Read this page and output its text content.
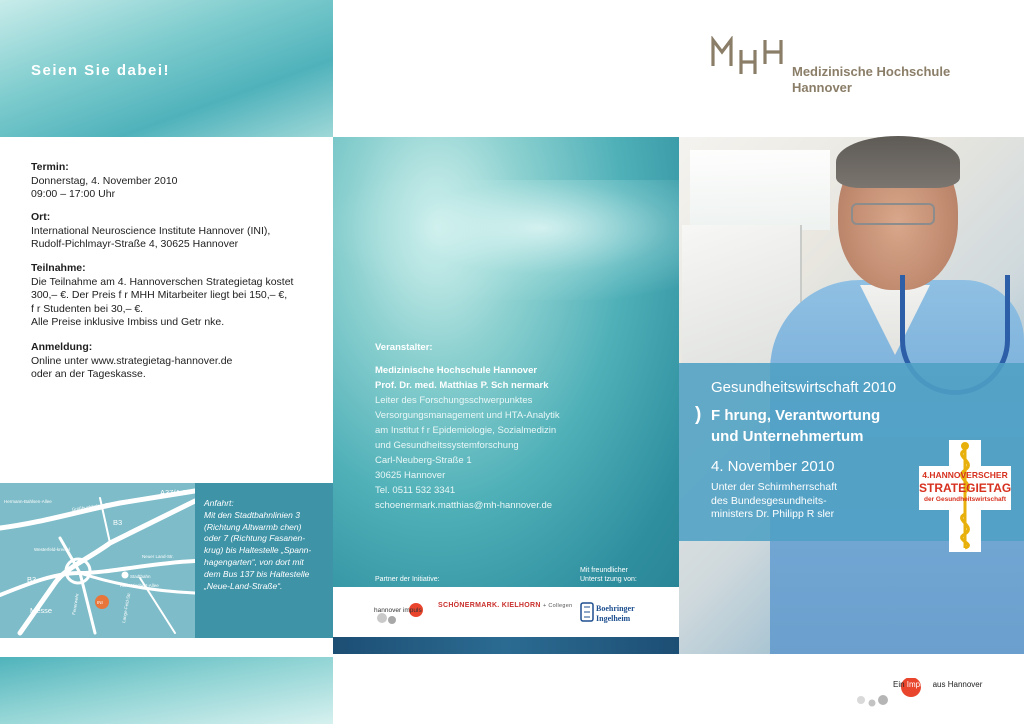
Medizinische Hochschule
Hannover
Seien Sie dabei!
Termin:
Donnerstag, 4. November 2010
09:00 – 17:00 Uhr
Ort:
International Neuroscience Institute Hannover (INI),
Rudolf-Pichlmayr-Straße 4, 30625 Hannover
Teilnahme:
Die Teilnahme am 4. Hannoverschen Strategietag kostet
300,– €. Der Preis f r MHH Mitarbeiter liegt bei 150,– €,
f r Studenten bei 30,– €.
Alle Preise inklusive Imbiss und Getr nke.
Anmeldung:
Online unter www.strategietag-hannover.de
oder an der Tageskasse.
A37/A 2
B3
B3
Messe
Hermann-Bahlsen-Allee	Großbuchholzer Str.
Karl-Wiechert-Allee
Westerfeld-kreisel
Stadtbahn
Neuer Land-Str.
Feuerwehr	Lange-Feld-Str.
INI
Anfahrt:
Mit den Stadtbahnlinien 3
(Richtung Altwarmb chen)
oder 7 (Richtung Fasanen-
krug) bis Haltestelle „Spann-
hagengarten“, von dort mit
dem Bus 137 bis Haltestelle
„Neue-Land-Straße“.
Veranstalter:
Medizinische Hochschule Hannover
Prof. Dr. med. Matthias P. Sch nermark
Leiter des Forschungsschwerpunktes
Versorgungsmanagement und HTA-Analytik
am Institut f r Epidemiologie, Sozialmedizin
und Gesundheitssystemforschung
Carl-Neuberg-Straße 1
30625 Hannover
Tel. 0511 532 3341
schoenermark.matthias@mh-hannover.de
Partner der Initiative:
Mit freundlicher
Unterst tzung von:
hannover impuls
SCHÖNERMARK. KIELHORN + Collegen	Boehringer
Ingelheim
Gesundheitswirtschaft 2010
) F hrung, Verantwortung
und Unternehmertum
4. November 2010
Unter der Schirmherrschaft
des Bundesgesundheits-
ministers Dr. Philipp R sler
4.HANNOVERSCHER
STRATEGIETAG
der Gesundheitswirtschaft
Ein Impuls aus Hannover
